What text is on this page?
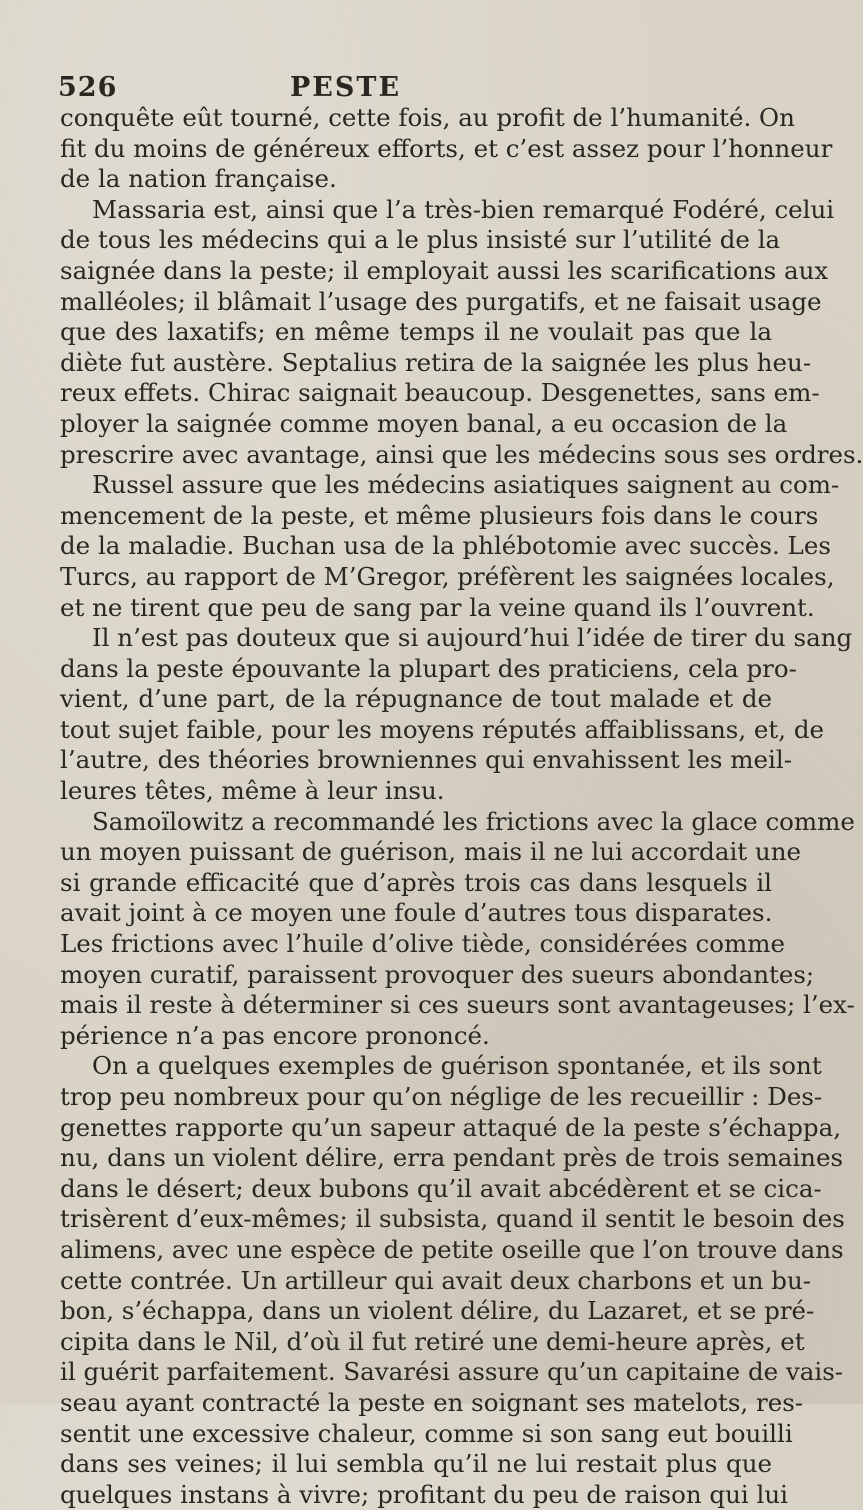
526	PESTE
conquête eût tourné, cette fois, au profit de l’humanité. On
fit du moins de généreux efforts, et c’est assez pour l’honneur
de la nation française.
Massaria est, ainsi que l’a très-bien remarqué Fodéré, celui
de tous les médecins qui a le plus insisté sur l’utilité de la
saignée dans la peste; il employait aussi les scarifications aux
malléoles; il blâmait l’usage des purgatifs, et ne faisait usage
que des laxatifs; en même temps il ne voulait pas que la
diète fut austère. Septalius retira de la saignée les plus heu-
reux effets. Chirac saignait beaucoup. Desgenettes, sans em-
ployer la saignée comme moyen banal, a eu occasion de la
prescrire avec avantage, ainsi que les médecins sous ses ordres.
Russel assure que les médecins asiatiques saignent au com-
mencement de la peste, et même plusieurs fois dans le cours
de la maladie. Buchan usa de la phlébotomie avec succès. Les
Turcs, au rapport de M’Gregor, préfèrent les saignées locales,
et ne tirent que peu de sang par la veine quand ils l’ouvrent.
Il n’est pas douteux que si aujourd’hui l’idée de tirer du sang
dans la peste épouvante la plupart des praticiens, cela pro-
vient, d’une part, de la répugnance de tout malade et de
tout sujet faible, pour les moyens réputés affaiblissans, et, de
l’autre, des théories browniennes qui envahissent les meil-
leures têtes, même à leur insu.
Samoïlowitz a recommandé les frictions avec la glace comme
un moyen puissant de guérison, mais il ne lui accordait une
si grande efficacité que d’après trois cas dans lesquels il
avait joint à ce moyen une foule d’autres tous disparates.
Les frictions avec l’huile d’olive tiède, considérées comme
moyen curatif, paraissent provoquer des sueurs abondantes;
mais il reste à déterminer si ces sueurs sont avantageuses; l’ex-
périence n’a pas encore prononcé.
On a quelques exemples de guérison spontanée, et ils sont
trop peu nombreux pour qu’on néglige de les recueillir : Des-
genettes rapporte qu’un sapeur attaqué de la peste s’échappa,
nu, dans un violent délire, erra pendant près de trois semaines
dans le désert; deux bubons qu’il avait abcédèrent et se cica-
trisèrent d’eux-mêmes; il subsista, quand il sentit le besoin des
alimens, avec une espèce de petite oseille que l’on trouve dans
cette contrée. Un artilleur qui avait deux charbons et un bu-
bon, s’échappa, dans un violent délire, du Lazaret, et se pré-
cipita dans le Nil, d’où il fut retiré une demi-heure après, et
il guérit parfaitement. Savarési assure qu’un capitaine de vais-
seau ayant contracté la peste en soignant ses matelots, res-
sentit une excessive chaleur, comme si son sang eut bouilli
dans ses veines; il lui sembla qu’il ne lui restait plus que
quelques instans à vivre; profitant du peu de raison qui lui
